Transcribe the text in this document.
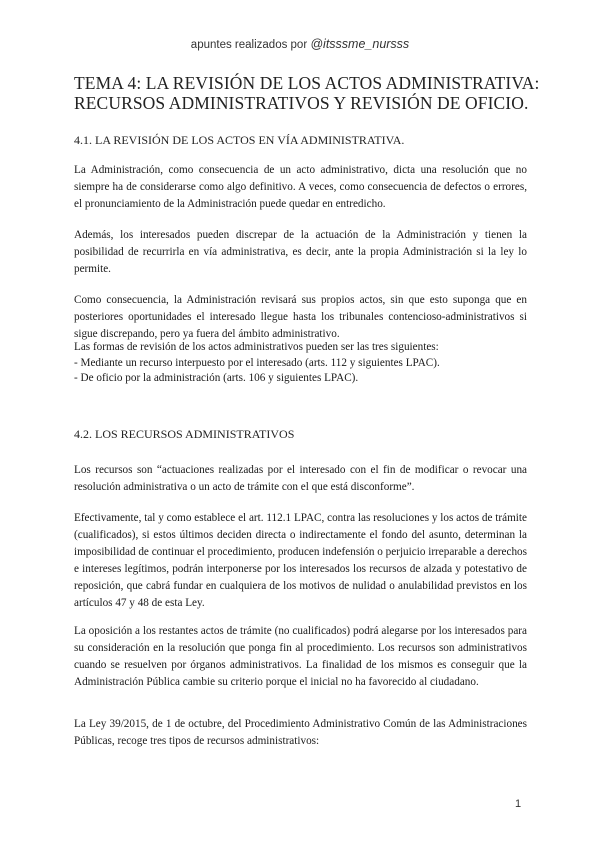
apuntes realizados por @itsssme_nursss
TEMA 4: LA REVISIÓN DE LOS ACTOS ADMINISTRATIVA: RECURSOS ADMINISTRATIVOS Y REVISIÓN DE OFICIO.
4.1. LA REVISIÓN DE LOS ACTOS EN VÍA ADMINISTRATIVA.

La Administración, como consecuencia de un acto administrativo, dicta una resolución que no siempre ha de considerarse como algo definitivo. A veces, como consecuencia de defectos o errores, el pronunciamiento de la Administración puede quedar en entredicho.

Además, los interesados pueden discrepar de la actuación de la Administración y tienen la posibilidad de recurrirla en vía administrativa, es decir, ante la propia Administración si la ley lo permite.

Como consecuencia, la Administración revisará sus propios actos, sin que esto suponga que en posteriores oportunidades el interesado llegue hasta los tribunales contencioso-administrativos si sigue discrepando, pero ya fuera del ámbito administrativo.

Las formas de revisión de los actos administrativos pueden ser las tres siguientes:
- Mediante un recurso interpuesto por el interesado (arts. 112 y siguientes LPAC).
- De oficio por la administración (arts. 106 y siguientes LPAC).
4.2. LOS RECURSOS ADMINISTRATIVOS

Los recursos son “actuaciones realizadas por el interesado con el fin de modificar o revocar una resolución administrativa o un acto de trámite con el que está disconforme”.

Efectivamente, tal y como establece el art. 112.1 LPAC, contra las resoluciones y los actos de trámite (cualificados), si estos últimos deciden directa o indirectamente el fondo del asunto, determinan la imposibilidad de continuar el procedimiento, producen indefensión o perjuicio irreparable a derechos e intereses legítimos, podrán interponerse por los interesados los recursos de alzada y potestativo de reposición, que cabrá fundar en cualquiera de los motivos de nulidad o anulabilidad previstos en los artículos 47 y 48 de esta Ley.

La oposición a los restantes actos de trámite (no cualificados) podrá alegarse por los interesados para su consideración en la resolución que ponga fin al procedimiento. Los recursos son administrativos cuando se resuelven por órganos administrativos. La finalidad de los mismos es conseguir que la Administración Pública cambie su criterio porque el inicial no ha favorecido al ciudadano.

La Ley 39/2015, de 1 de octubre, del Procedimiento Administrativo Común de las Administraciones Públicas, recoge tres tipos de recursos administrativos:

1
